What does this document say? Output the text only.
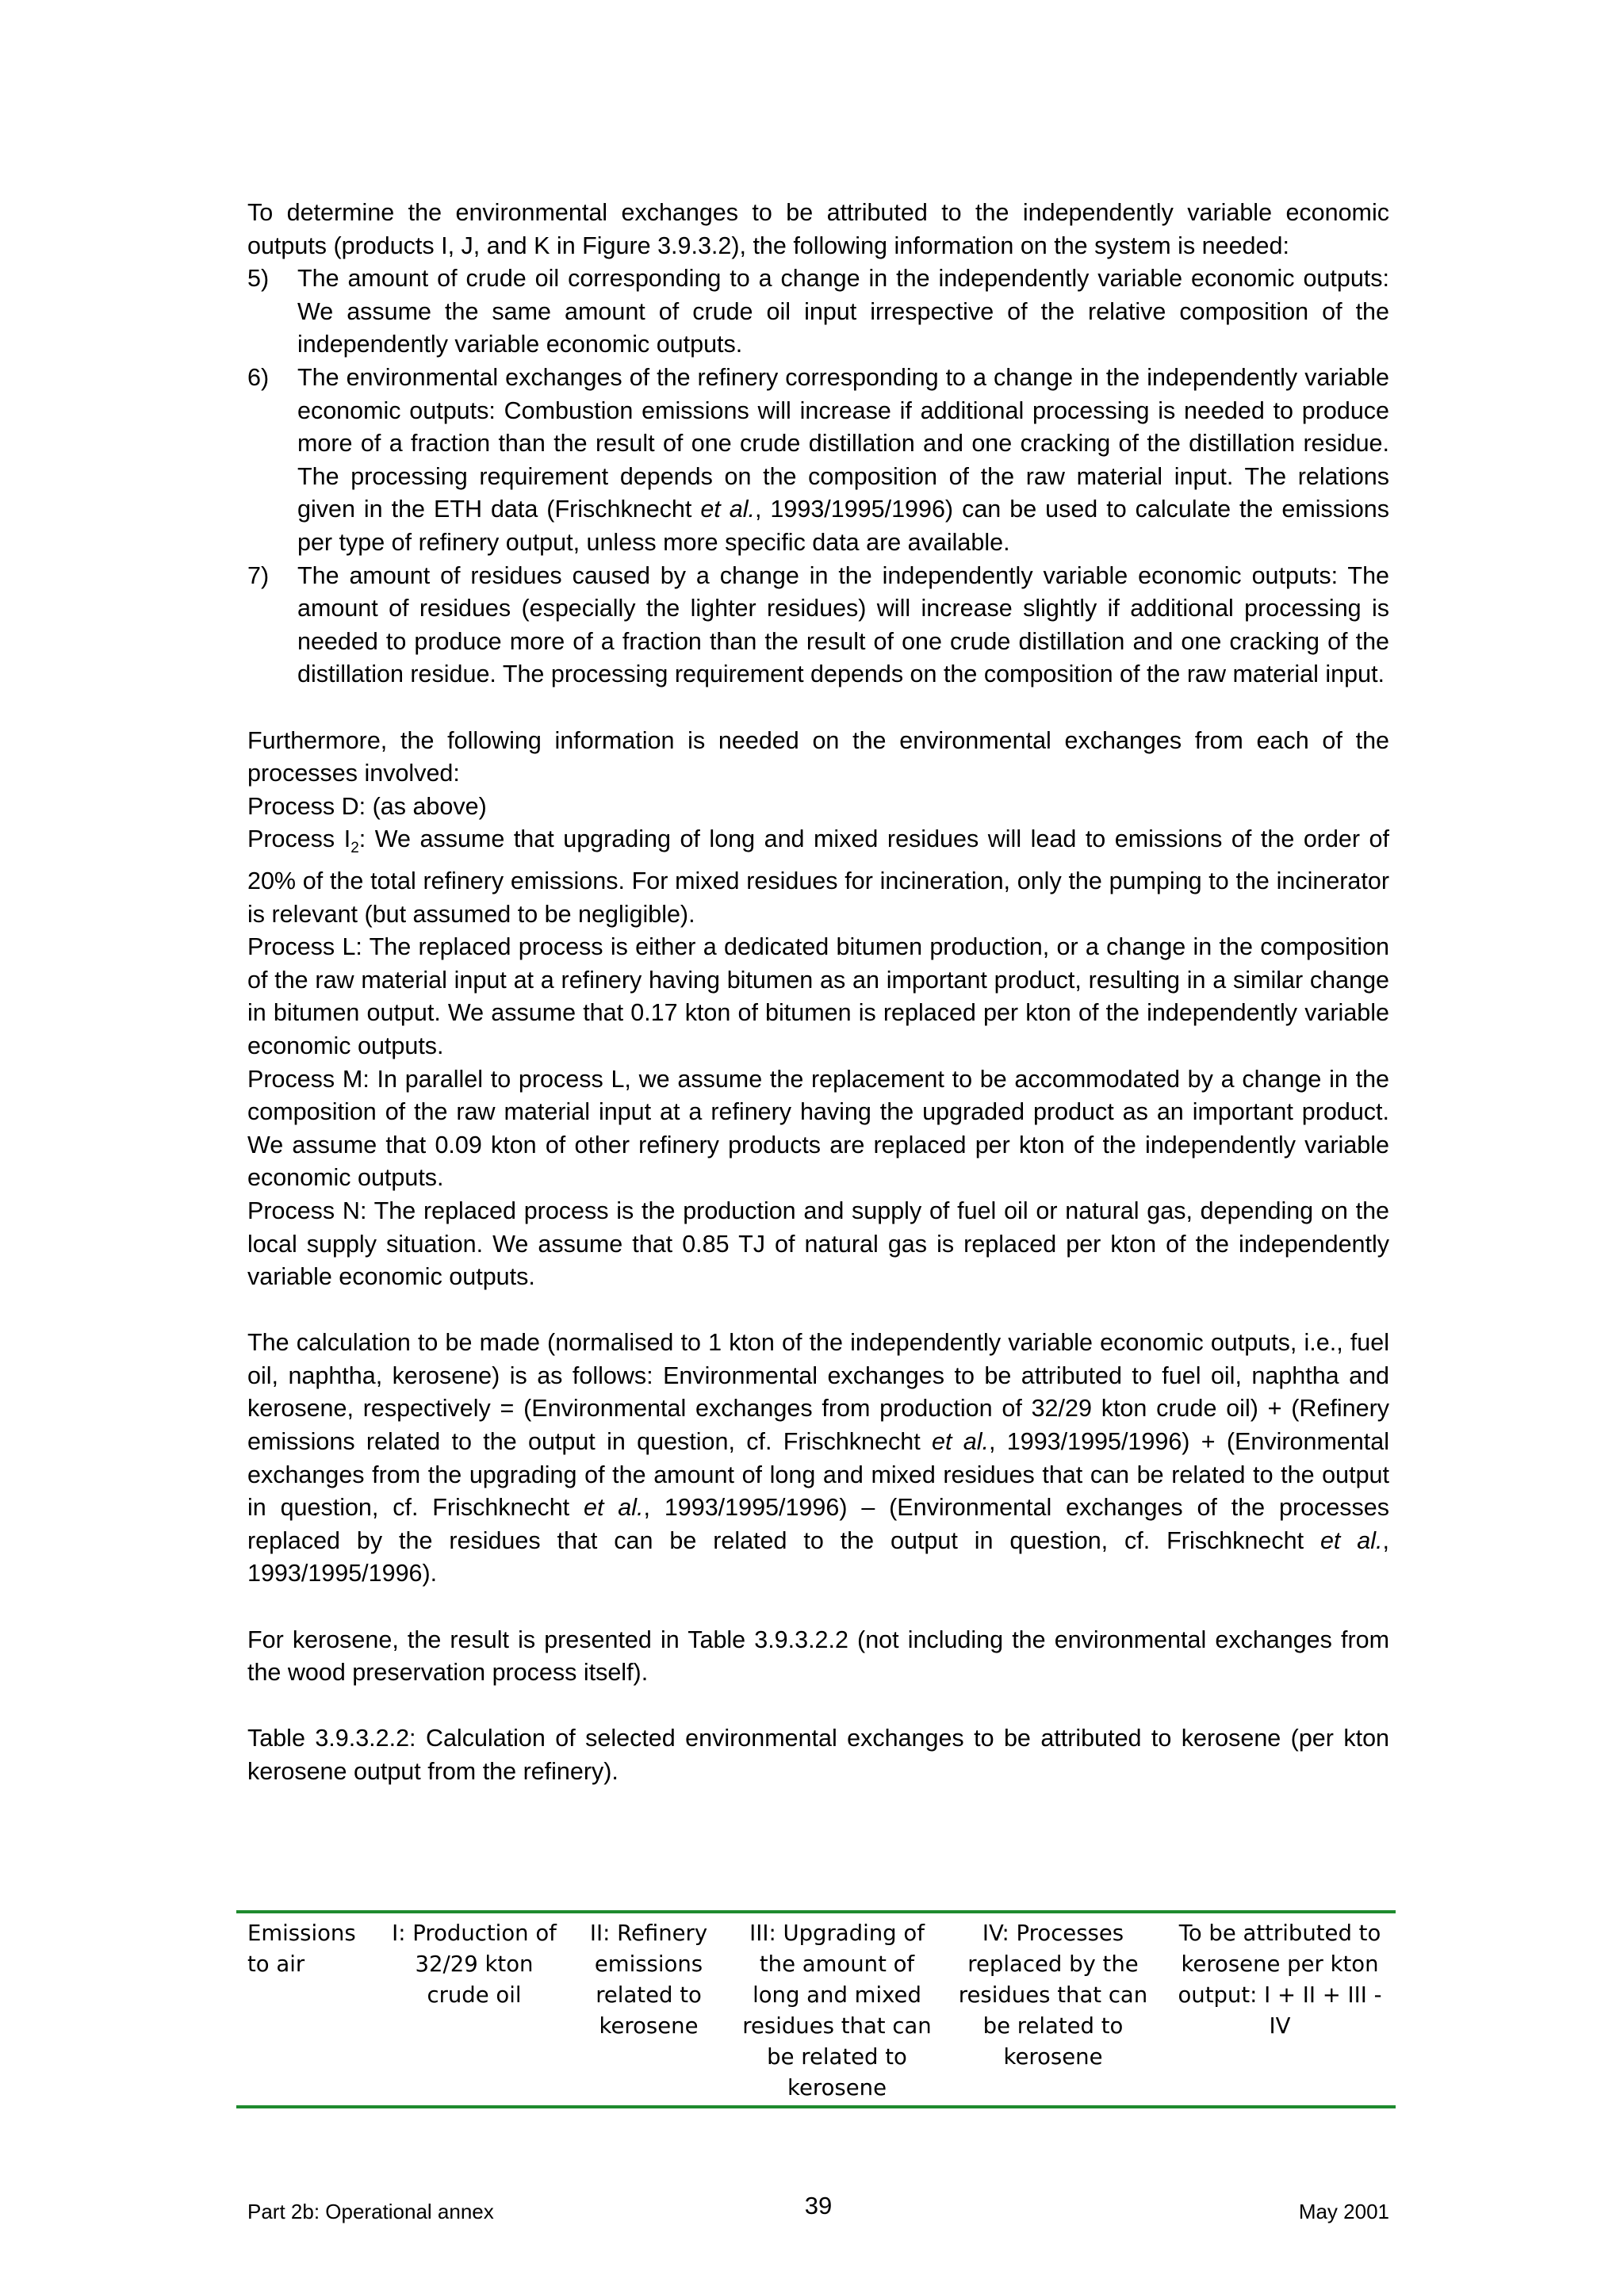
To determine the environmental exchanges to be attributed to the independently variable economic outputs (products I, J, and K in Figure 3.9.3.2), the following information on the system is needed:

5) The amount of crude oil corresponding to a change in the independently variable economic outputs: We assume the same amount of crude oil input irrespective of the relative composition of the independently variable economic outputs.
6) The environmental exchanges of the refinery corresponding to a change in the independently variable economic outputs: Combustion emissions will increase if additional processing is needed to produce more of a fraction than the result of one crude distillation and one cracking of the distillation residue. The processing requirement depends on the composition of the raw material input. The relations given in the ETH data (Frischknecht et al., 1993/1995/1996) can be used to calculate the emissions per type of refinery output, unless more specific data are available.
7) The amount of residues caused by a change in the independently variable economic outputs: The amount of residues (especially the lighter residues) will increase slightly if additional processing is needed to produce more of a fraction than the result of one crude distillation and one cracking of the distillation residue. The processing requirement depends on the composition of the raw material input.

Furthermore, the following information is needed on the environmental exchanges from each of the processes involved:

Process D: (as above)

Process $I_2$: We assume that upgrading of long and mixed residues will lead to emissions of the order of 20% of the total refinery emissions. For mixed residues for incineration, only the pumping to the incinerator is relevant (but assumed to be negligible).

Process L: The replaced process is either a dedicated bitumen production, or a change in the composition of the raw material input at a refinery having bitumen as an important product, resulting in a similar change in bitumen output. We assume that 0.17 kton of bitumen is replaced per kton of the independently variable economic outputs.

Process M: In parallel to process L, we assume the replacement to be accommodated by a change in the composition of the raw material input at a refinery having the upgraded product as an important product. We assume that 0.09 kton of other refinery products are replaced per kton of the independently variable economic outputs.

Process N: The replaced process is the production and supply of fuel oil or natural gas, depending on the local supply situation. We assume that 0.85 TJ of natural gas is replaced per kton of the independently variable economic outputs.

The calculation to be made (normalised to 1 kton of the independently variable economic outputs, i.e., fuel oil, naphtha, kerosene) is as follows: Environmental exchanges to be attributed to fuel oil, naphtha and kerosene, respectively = (Environmental exchanges from production of 32/29 kton crude oil) + (Refinery emissions related to the output in question, cf. Frischknecht et al., 1993/1995/1996) + (Environmental exchanges from the upgrading of the amount of long and mixed residues that can be related to the output in question, cf. Frischknecht et al., 1993/1995/1996) – (Environmental exchanges of the processes replaced by the residues that can be related to the output in question, cf. Frischknecht et al., 1993/1995/1996).

For kerosene, the result is presented in Table 3.9.3.2.2 (not including the environmental exchanges from the wood preservation process itself).

Table 3.9.3.2.2: Calculation of selected environmental exchanges to be attributed to kerosene (per kton kerosene output from the refinery).

Emissions to air	I: Production of 32/29 kton crude oil	II: Refinery emissions related to kerosene	III: Upgrading of the amount of long and mixed residues that can be related to kerosene	IV: Processes replaced by the residues that can be related to kerosene	To be attributed to kerosene per kton output: I + II + III - IV
Part 2b: Operational annex	39	May 2001
